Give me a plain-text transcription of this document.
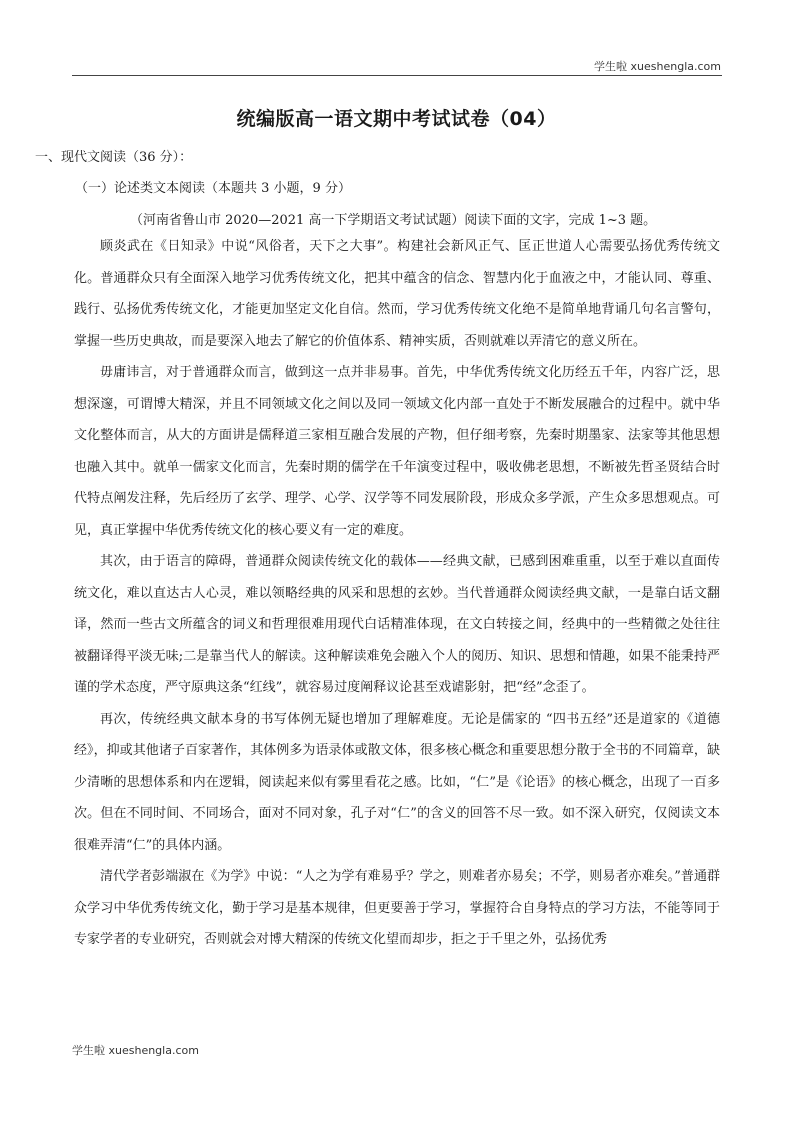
学生啦 xueshengla.com
统编版高一语文期中考试试卷（04）
一、现代文阅读（36 分）：
（一）论述类文本阅读（本题共 3 小题，9 分）
（河南省鲁山市 2020—2021 高一下学期语文考试试题）阅读下面的文字，完成 1~3 题。

顾炎武在《日知录》中说“风俗者，天下之大事”。构建社会新风正气、匡正世道人心需要弘扬优秀传统文化。普通群众只有全面深入地学习优秀传统文化，把其中蕴含的信念、智慧内化于血液之中，才能认同、尊重、践行、弘扬优秀传统文化，才能更加坚定文化自信。然而，学习优秀传统文化绝不是简单地背诵几句名言警句，掌握一些历史典故，而是要深入地去了解它的价值体系、精神实质，否则就难以弄清它的意义所在。

毋庸讳言，对于普通群众而言，做到这一点并非易事。首先，中华优秀传统文化历经五千年，内容广泛，思想深邃，可谓博大精深，并且不同领域文化之间以及同一领域文化内部一直处于不断发展融合的过程中。就中华文化整体而言，从大的方面讲是儒释道三家相互融合发展的产物，但仔细考察，先秦时期墨家、法家等其他思想也融入其中。就单一儒家文化而言，先秦时期的儒学在千年演变过程中，吸收佛老思想，不断被先哲圣贤结合时代特点阐发注释，先后经历了玄学、理学、心学、汉学等不同发展阶段，形成众多学派，产生众多思想观点。可见，真正掌握中华优秀传统文化的核心要义有一定的难度。

其次，由于语言的障碍，普通群众阅读传统文化的载体——经典文献，已感到困难重重，以至于难以直面传统文化，难以直达古人心灵，难以领略经典的风采和思想的玄妙。当代普通群众阅读经典文献，一是靠白话文翻译，然而一些古文所蕴含的词义和哲理很难用现代白话精准体现，在文白转接之间，经典中的一些精微之处往往被翻译得平淡无味;二是靠当代人的解读。这种解读难免会融入个人的阅历、知识、思想和情趣，如果不能秉持严谨的学术态度，严守原典这条“红线”，就容易过度阐释议论甚至戏谑影射，把“经”念歪了。

再次，传统经典文献本身的书写体例无疑也增加了理解难度。无论是儒家的 “四书五经”还是道家的《道德经》，抑或其他诸子百家著作，其体例多为语录体或散文体，很多核心概念和重要思想分散于全书的不同篇章，缺少清晰的思想体系和内在逻辑，阅读起来似有雾里看花之感。比如，“仁”是《论语》的核心概念，出现了一百多次。但在不同时间、不同场合，面对不同对象，孔子对“仁”的含义的回答不尽一致。如不深入研究，仅阅读文本很难弄清“仁”的具体内涵。

清代学者彭端淑在《为学》中说：“人之为学有难易乎？学之，则难者亦易矣；不学，则易者亦难矣。”普通群众学习中华优秀传统文化，勤于学习是基本规律，但更要善于学习，掌握符合自身特点的学习方法，不能等同于专家学者的专业研究，否则就会对博大精深的传统文化望而却步，拒之于千里之外，弘扬优秀

学生啦 xueshengla.com
